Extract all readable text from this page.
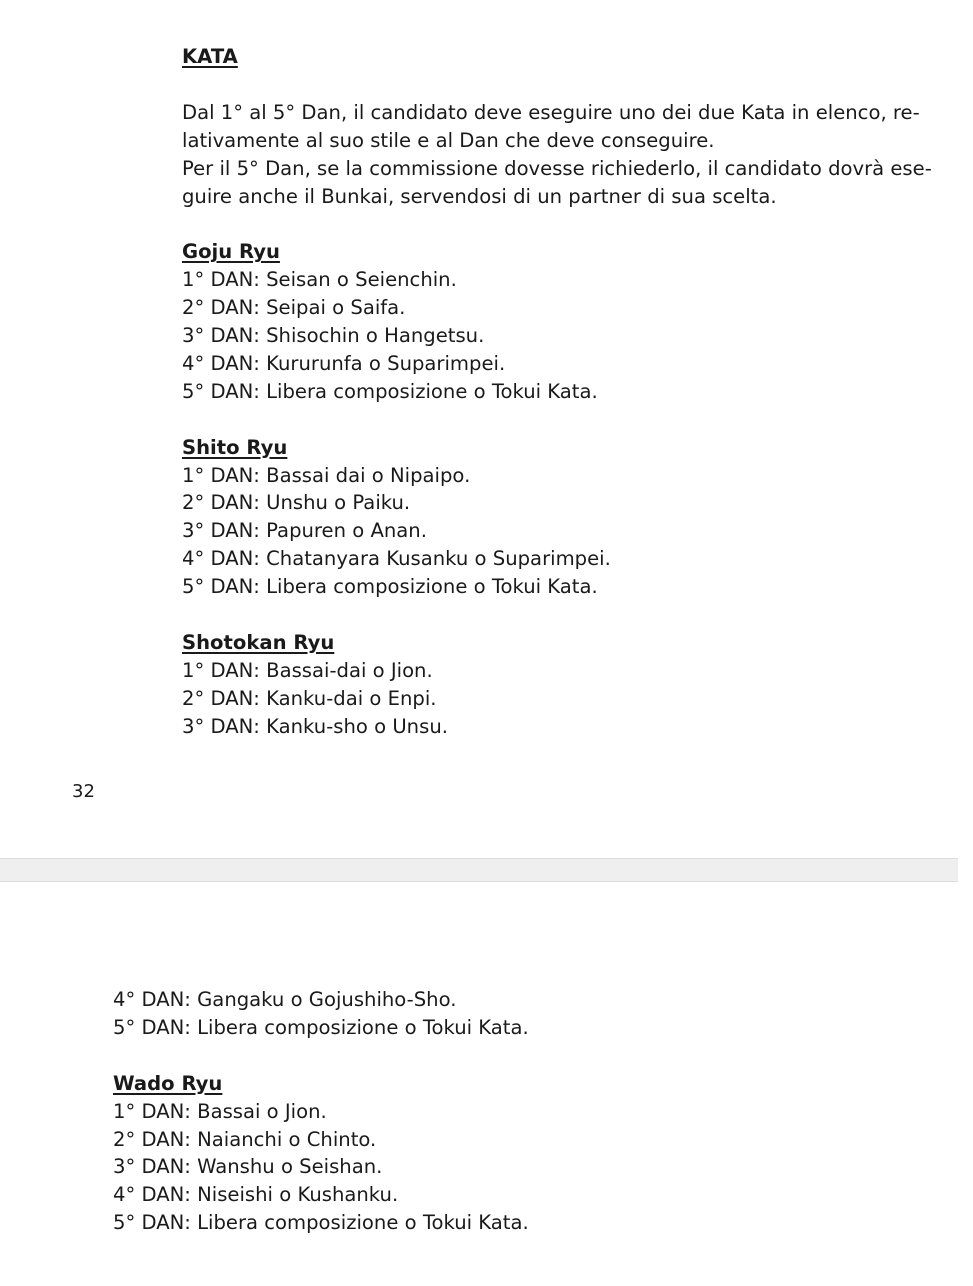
KATA
Dal 1° al 5° Dan, il candidato deve eseguire uno dei due Kata in elenco, re-
lativamente al suo stile e al Dan che deve conseguire.
Per il 5° Dan, se la commissione dovesse richiederlo, il candidato dovrà ese-
guire anche il Bunkai, servendosi di un partner di sua scelta.
Goju Ryu
1° DAN: Seisan o Seienchin.
2° DAN: Seipai o Saifa.
3° DAN: Shisochin o Hangetsu.
4° DAN: Kururunfa o Suparimpei.
5° DAN: Libera composizione o Tokui Kata.
Shito Ryu
1° DAN: Bassai dai o Nipaipo.
2° DAN: Unshu o Paiku.
3° DAN: Papuren o Anan.
4° DAN: Chatanyara Kusanku o Suparimpei.
5° DAN: Libera composizione o Tokui Kata.
Shotokan Ryu
1° DAN: Bassai-dai o Jion.
2° DAN: Kanku-dai o Enpi.
3° DAN: Kanku-sho o Unsu.
32
4° DAN: Gangaku o Gojushiho-Sho.
5° DAN: Libera composizione o Tokui Kata.
Wado Ryu
1° DAN: Bassai o Jion.
2° DAN: Naianchi o Chinto.
3° DAN: Wanshu o Seishan.
4° DAN: Niseishi o Kushanku.
5° DAN: Libera composizione o Tokui Kata.
